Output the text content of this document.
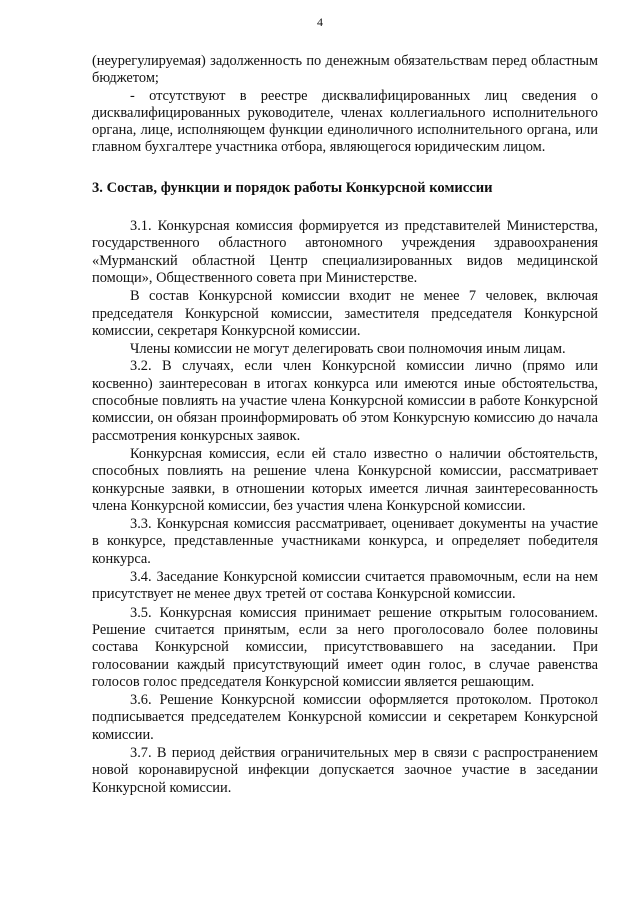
4

(неурегулируемая) задолженность по денежным обязательствам перед областным бюджетом;

- отсутствуют в реестре дисквалифицированных лиц сведения о дисквалифицированных руководителе, членах коллегиального исполнительного органа, лице, исполняющем функции единоличного исполнительного органа, или главном бухгалтере участника отбора, являющегося юридическим лицом.

3. Состав, функции и порядок работы Конкурсной комиссии

3.1. Конкурсная комиссия формируется из представителей Министерства, государственного областного автономного учреждения здравоохранения «Мурманский областной Центр специализированных видов медицинской помощи», Общественного совета при Министерстве.

В состав Конкурсной комиссии входит не менее 7 человек, включая председателя Конкурсной комиссии, заместителя председателя Конкурсной комиссии, секретаря Конкурсной комиссии.

Члены комиссии не могут делегировать свои полномочия иным лицам.

3.2. В случаях, если член Конкурсной комиссии лично (прямо или косвенно) заинтересован в итогах конкурса или имеются иные обстоятельства, способные повлиять на участие члена Конкурсной комиссии в работе Конкурсной комиссии, он обязан проинформировать об этом Конкурсную комиссию до начала рассмотрения конкурсных заявок.

Конкурсная комиссия, если ей стало известно о наличии обстоятельств, способных повлиять на решение члена Конкурсной комиссии, рассматривает конкурсные заявки, в отношении которых имеется личная заинтересованность члена Конкурсной комиссии, без участия члена Конкурсной комиссии.

3.3. Конкурсная комиссия рассматривает, оценивает документы на участие в конкурсе, представленные участниками конкурса, и определяет победителя конкурса.

3.4. Заседание Конкурсной комиссии считается правомочным, если на нем присутствует не менее двух третей от состава Конкурсной комиссии.

3.5. Конкурсная комиссия принимает решение открытым голосованием. Решение считается принятым, если за него проголосовало более половины состава Конкурсной комиссии, присутствовавшего на заседании. При голосовании каждый присутствующий имеет один голос, в случае равенства голосов голос председателя Конкурсной комиссии является решающим.

3.6. Решение Конкурсной комиссии оформляется протоколом. Протокол подписывается председателем Конкурсной комиссии и секретарем Конкурсной комиссии.

3.7. В период действия ограничительных мер в связи с распространением новой коронавирусной инфекции допускается заочное участие в заседании Конкурсной комиссии.
